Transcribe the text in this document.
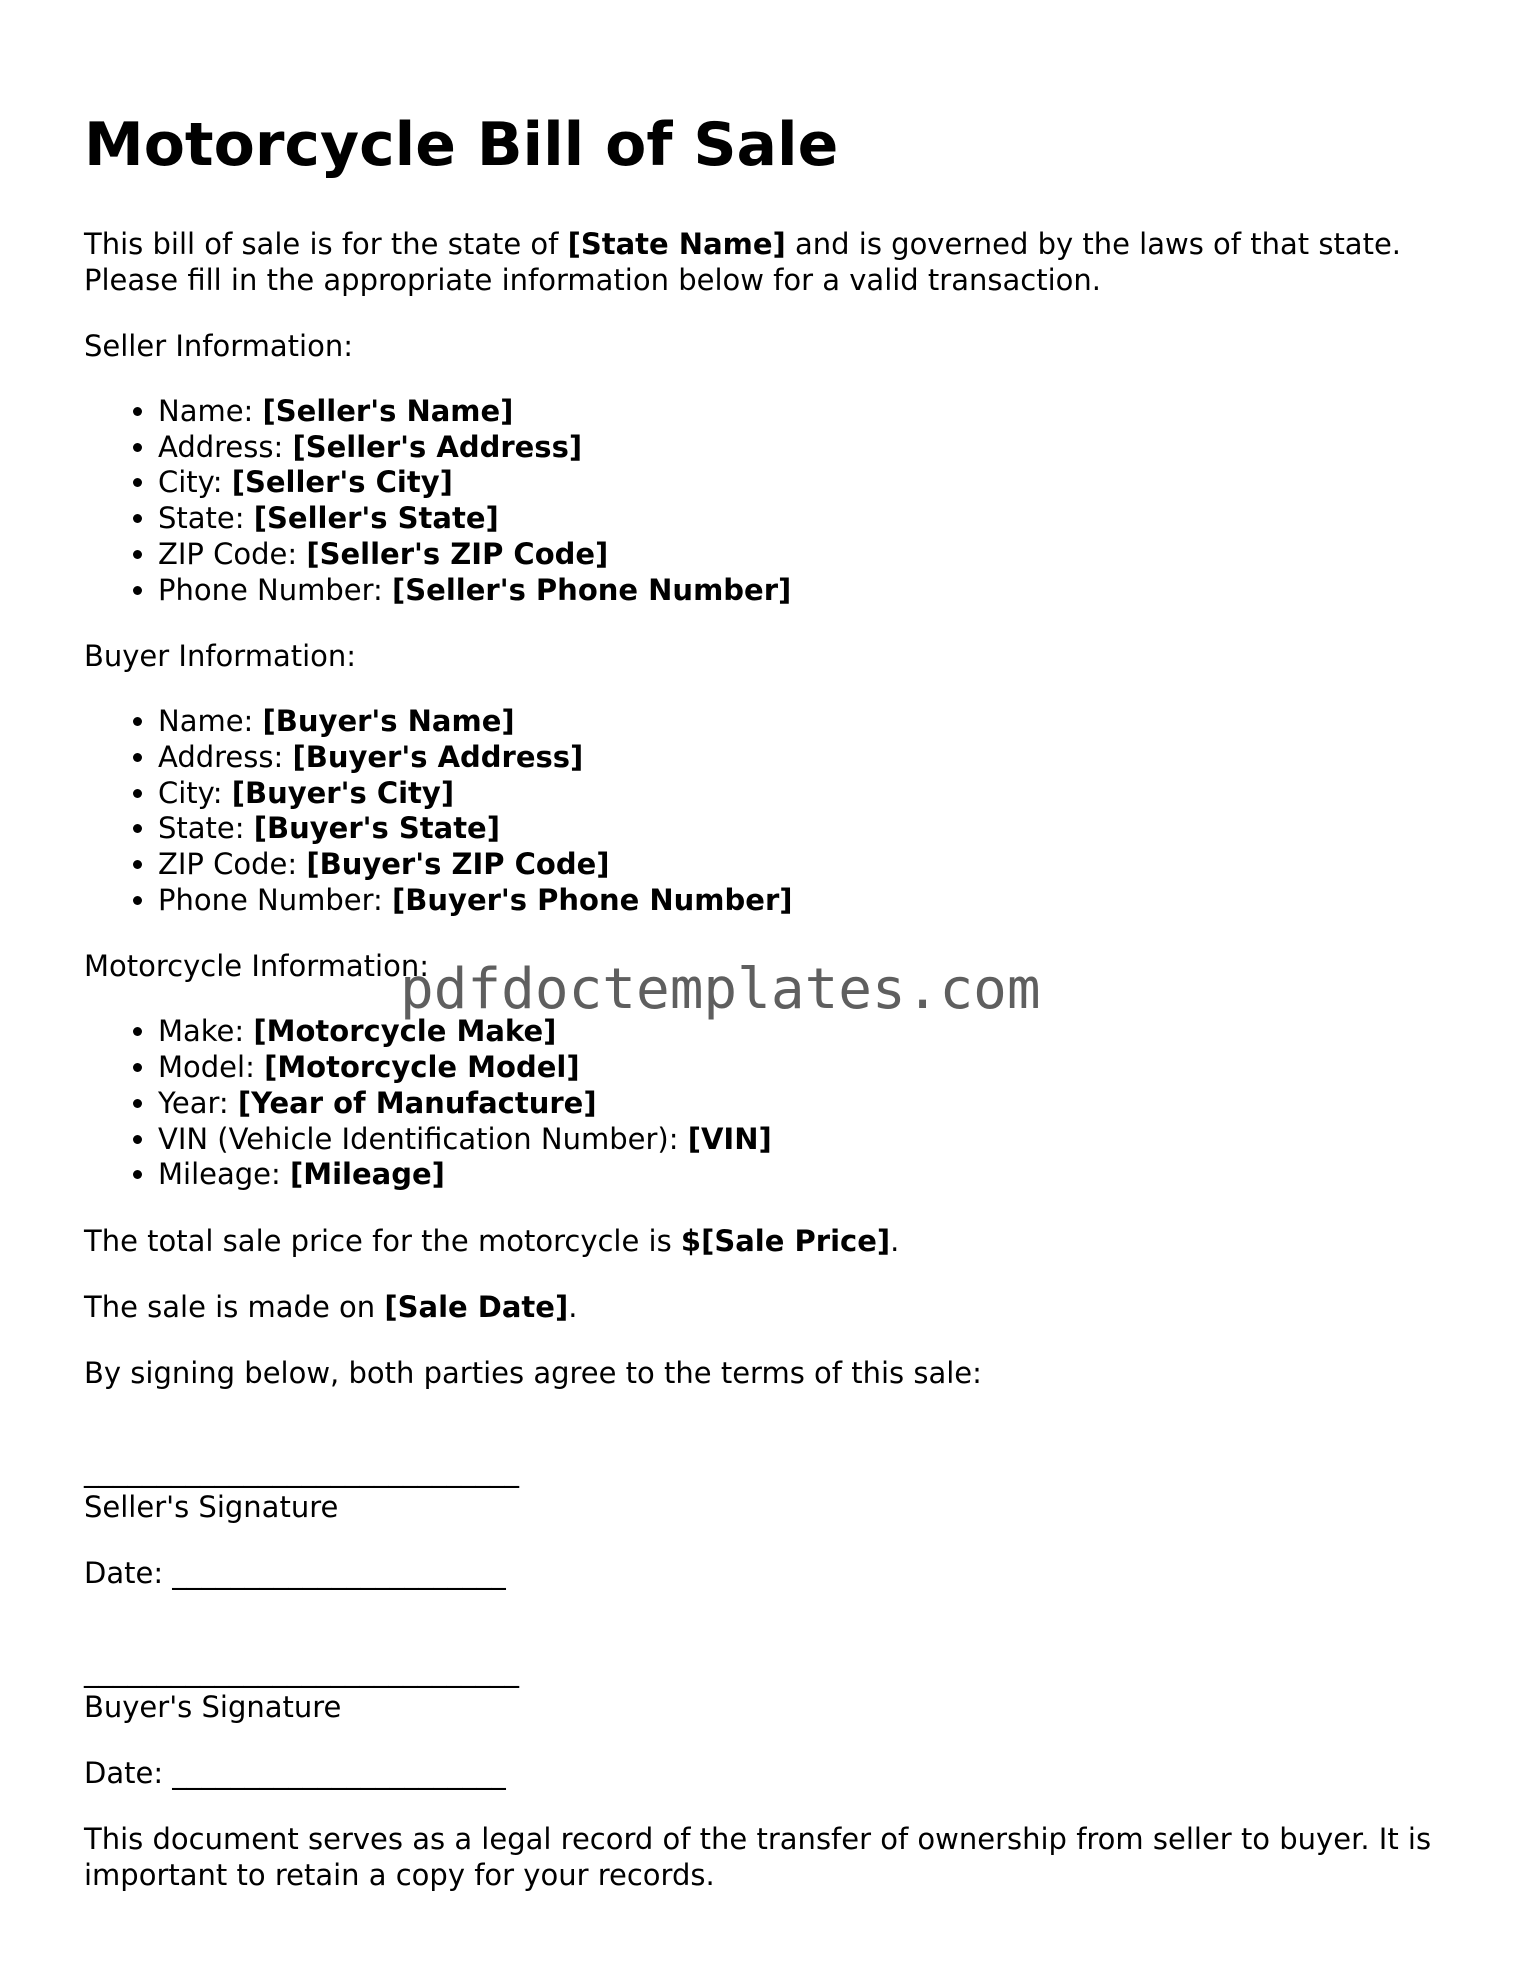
Motorcycle Bill of Sale

This bill of sale is for the state of [State Name] and is governed by the laws of that state. Please fill in the appropriate information below for a valid transaction.

Seller Information:

• Name: [Seller's Name]
• Address: [Seller's Address]
• City: [Seller's City]
• State: [Seller's State]
• ZIP Code: [Seller's ZIP Code]
• Phone Number: [Seller's Phone Number]

Buyer Information:

• Name: [Buyer's Name]
• Address: [Buyer's Address]
• City: [Buyer's City]
• State: [Buyer's State]
• ZIP Code: [Buyer's ZIP Code]
• Phone Number: [Buyer's Phone Number]

Motorcycle Information:

• Make: [Motorcycle Make]
• Model: [Motorcycle Model]
• Year: [Year of Manufacture]
• VIN (Vehicle Identification Number): [VIN]
• Mileage: [Mileage]

The total sale price for the motorcycle is $[Sale Price].

The sale is made on [Sale Date].

By signing below, both parties agree to the terms of this sale:

______________________________

Seller's Signature

Date: _______________________

______________________________

Buyer's Signature

Date: _______________________

This document serves as a legal record of the transfer of ownership from seller to buyer. It is important to retain a copy for your records.

pdfdoctemplates.com
